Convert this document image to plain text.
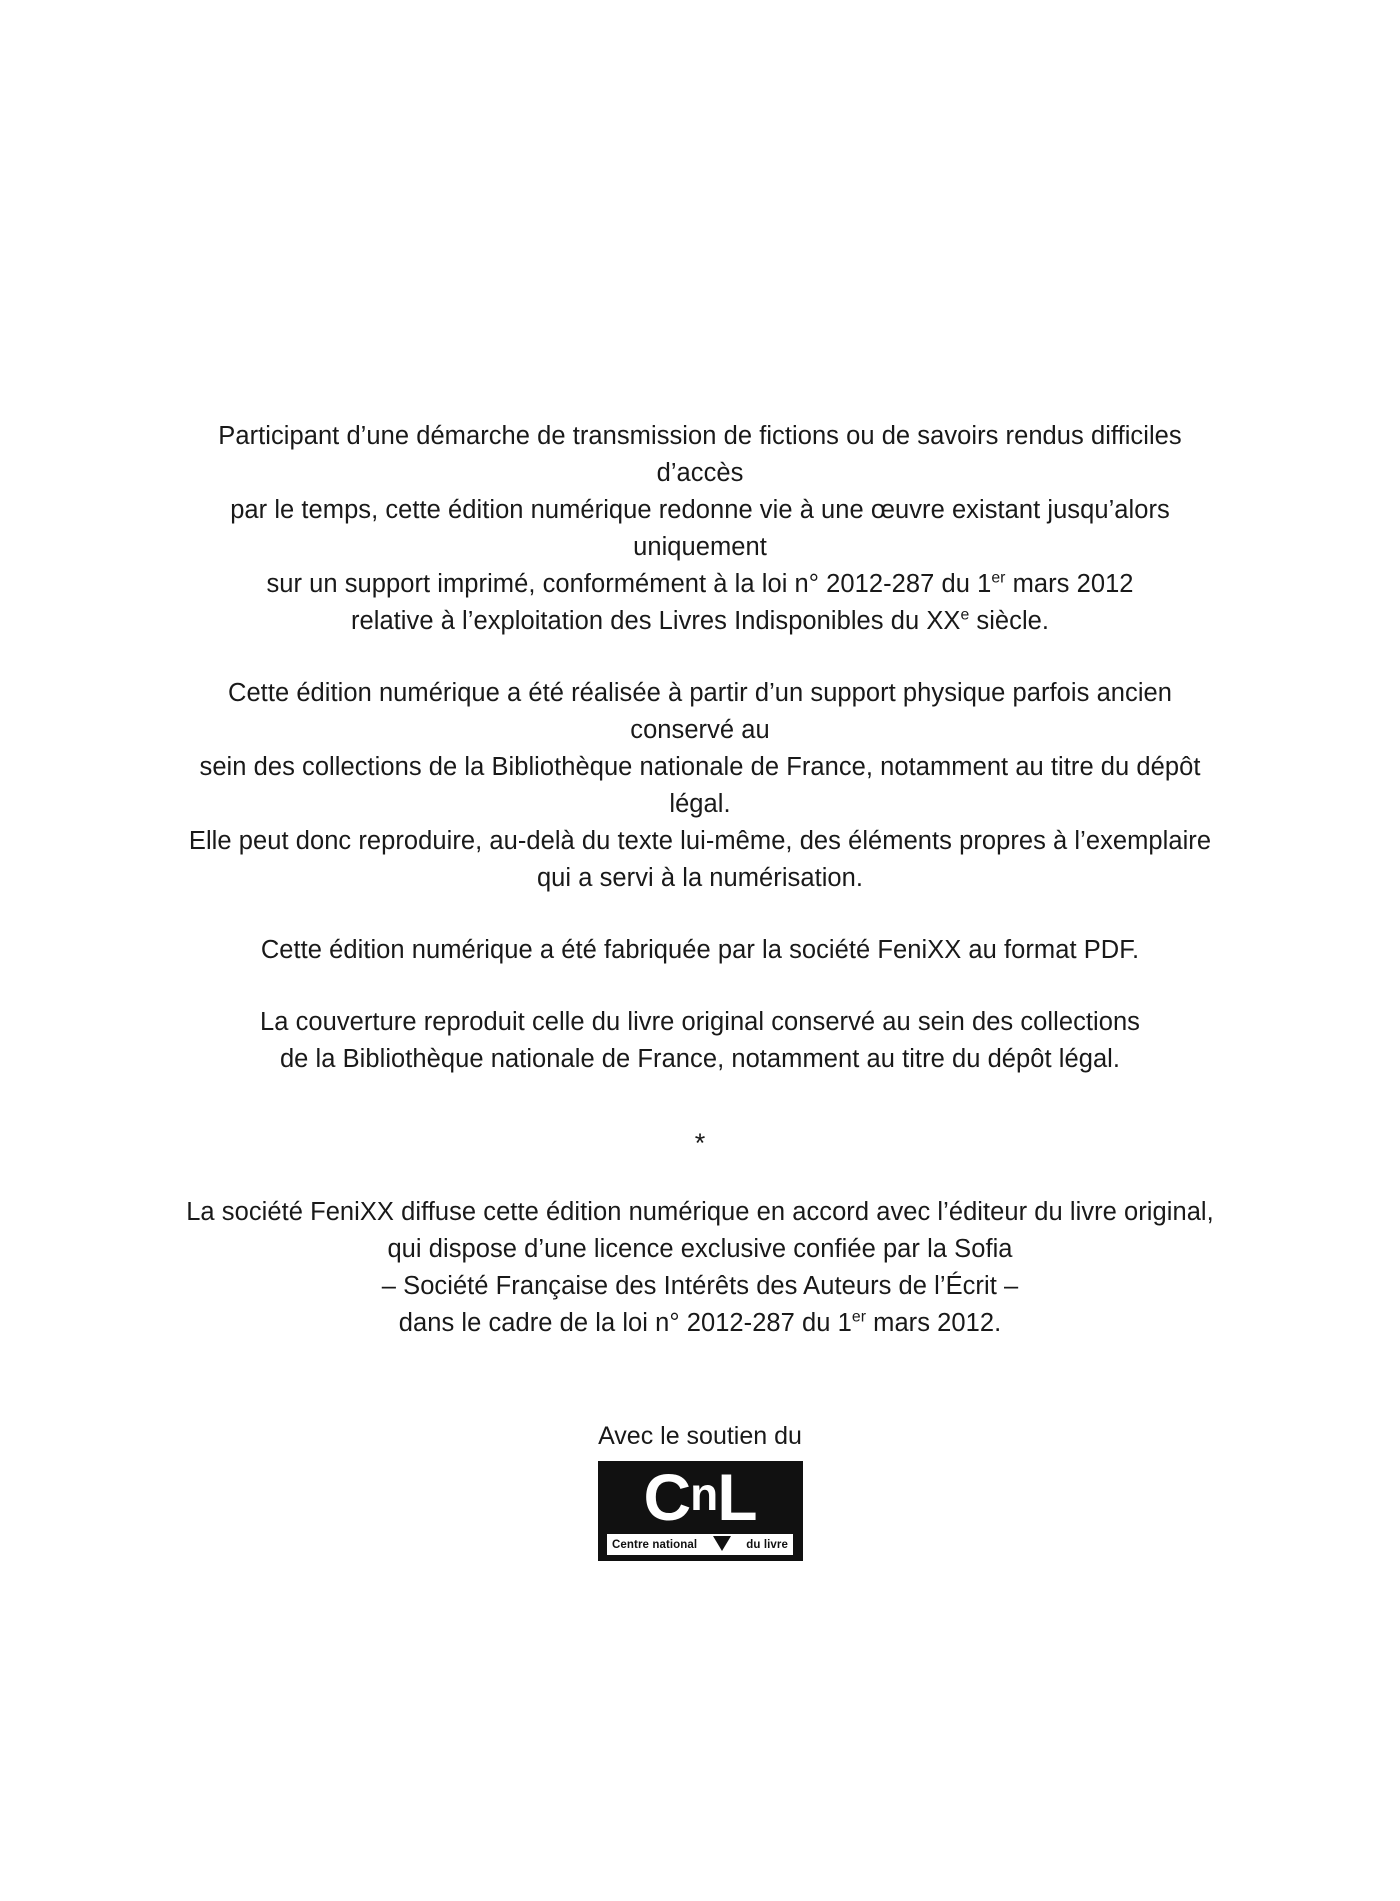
Participant d’une démarche de transmission de fictions ou de savoirs rendus difficiles d’accès
par le temps, cette édition numérique redonne vie à une œuvre existant jusqu’alors uniquement
sur un support imprimé, conformément à la loi n° 2012-287 du 1er mars 2012
relative à l’exploitation des Livres Indisponibles du XXe siècle.

Cette édition numérique a été réalisée à partir d’un support physique parfois ancien conservé au
sein des collections de la Bibliothèque nationale de France, notamment au titre du dépôt légal.
Elle peut donc reproduire, au-delà du texte lui-même, des éléments propres à l’exemplaire
qui a servi à la numérisation.

Cette édition numérique a été fabriquée par la société FeniXX au format PDF.

La couverture reproduit celle du livre original conservé au sein des collections
de la Bibliothèque nationale de France, notamment au titre du dépôt légal.

*

La société FeniXX diffuse cette édition numérique en accord avec l’éditeur du livre original,
qui dispose d’une licence exclusive confiée par la Sofia
– Société Française des Intérêts des Auteurs de l’Écrit –
dans le cadre de la loi n° 2012-287 du 1er mars 2012.

Avec le soutien du
C n L
Centre national	du livre
